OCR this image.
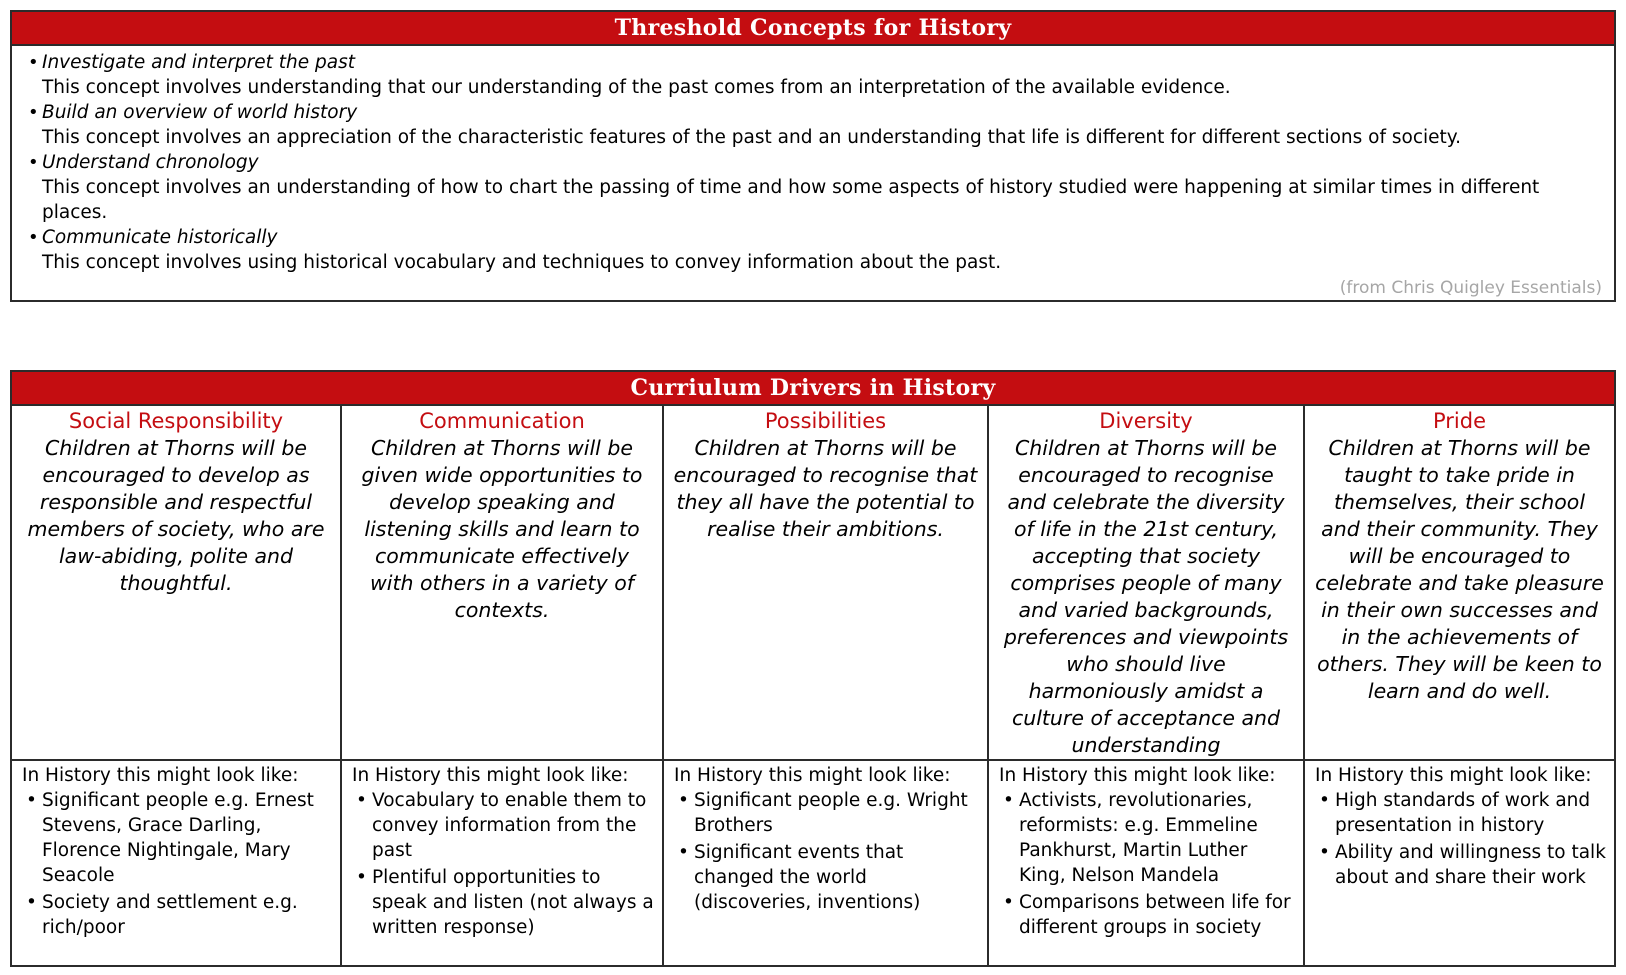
Threshold Concepts for History
• Investigate and interpret the past
This concept involves understanding that our understanding of the past comes from an interpretation of the available evidence.
• Build an overview of world history
This concept involves an appreciation of the characteristic features of the past and an understanding that life is different for different sections of society.
• Understand chronology
This concept involves an understanding of how to chart the passing of time and how some aspects of history studied were happening at similar times in different places.
• Communicate historically
This concept involves using historical vocabulary and techniques to convey information about the past.
(from Chris Quigley Essentials)
Curriulum Drivers in History
Social Responsibility
Children at Thorns will be encouraged to develop as responsible and respectful members of society, who are law-abiding, polite and thoughtful.
In History this might look like:
• Significant people e.g. Ernest Stevens, Grace Darling, Florence Nightingale, Mary Seacole
• Society and settlement e.g. rich/poor
Communication
Children at Thorns will be given wide opportunities to develop speaking and listening skills and learn to communicate effectively with others in a variety of contexts.
In History this might look like:
• Vocabulary to enable them to convey information from the past
• Plentiful opportunities to speak and listen (not always a written response)
Possibilities
Children at Thorns will be encouraged to recognise that they all have the potential to realise their ambitions.
In History this might look like:
• Significant people e.g. Wright Brothers
• Significant events that changed the world (discoveries, inventions)
Diversity
Children at Thorns will be encouraged to recognise and celebrate the diversity of life in the 21st century, accepting that society comprises people of many and varied backgrounds, preferences and viewpoints who should live harmoniously amidst a culture of acceptance and understanding
In History this might look like:
• Activists, revolutionaries, reformists: e.g. Emmeline Pankhurst, Martin Luther King, Nelson Mandela
• Comparisons between life for different groups in society
Pride
Children at Thorns will be taught to take pride in themselves, their school and their community. They will be encouraged to celebrate and take pleasure in their own successes and in the achievements of others. They will be keen to learn and do well.
In History this might look like:
• High standards of work and presentation in history
• Ability and willingness to talk about and share their work
